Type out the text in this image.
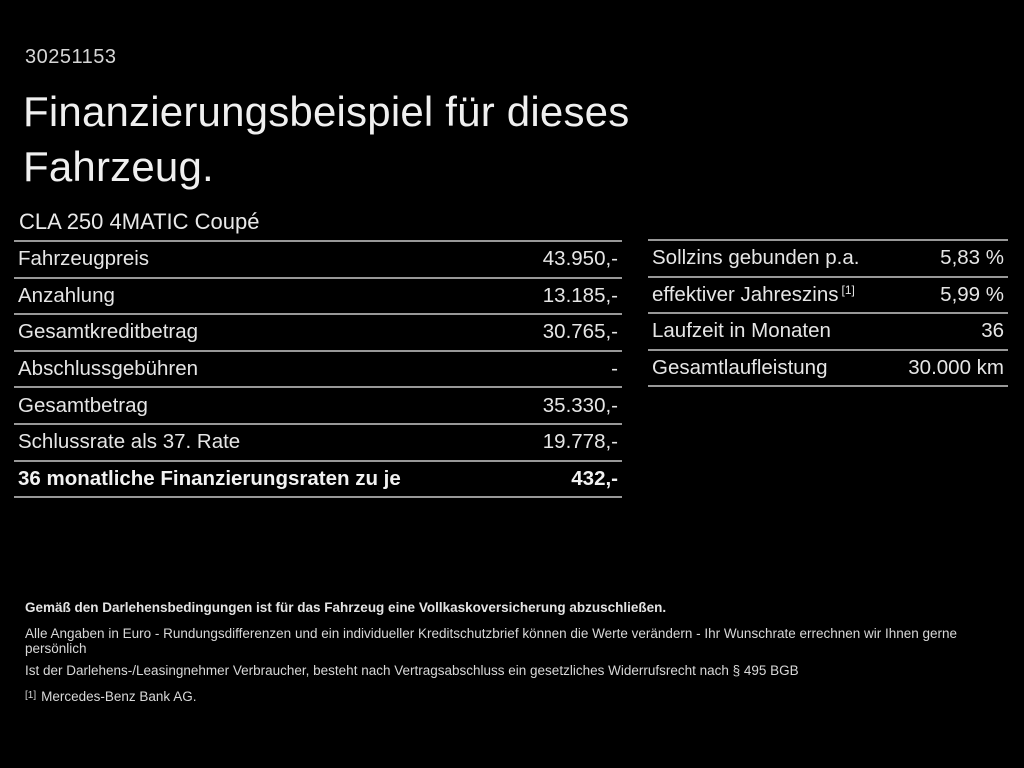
30251153
Finanzierungsbeispiel für dieses
Fahrzeug.
CLA 250 4MATIC Coupé
Fahrzeugpreis	43.950,-
Anzahlung	13.185,-
Gesamtkreditbetrag	30.765,-
Abschlussgebühren	-
Gesamtbetrag	35.330,-
Schlussrate als 37. Rate	19.778,-
36 monatliche Finanzierungsraten zu je	432,-
Sollzins gebunden p.a.	5,83 %
effektiver Jahreszins [1]	5,99 %
Laufzeit in Monaten	36
Gesamtlaufleistung	30.000 km
Gemäß den Darlehensbedingungen ist für das Fahrzeug eine Vollkaskoversicherung abzuschließen.
Alle Angaben in Euro - Rundungsdifferenzen und ein individueller Kreditschutzbrief können die Werte verändern - Ihr Wunschrate errechnen wir Ihnen gerne persönlich
Ist der Darlehens-/Leasingnehmer Verbraucher, besteht nach Vertragsabschluss ein gesetzliches Widerrufsrecht nach § 495 BGB
[1] Mercedes-Benz Bank AG.
